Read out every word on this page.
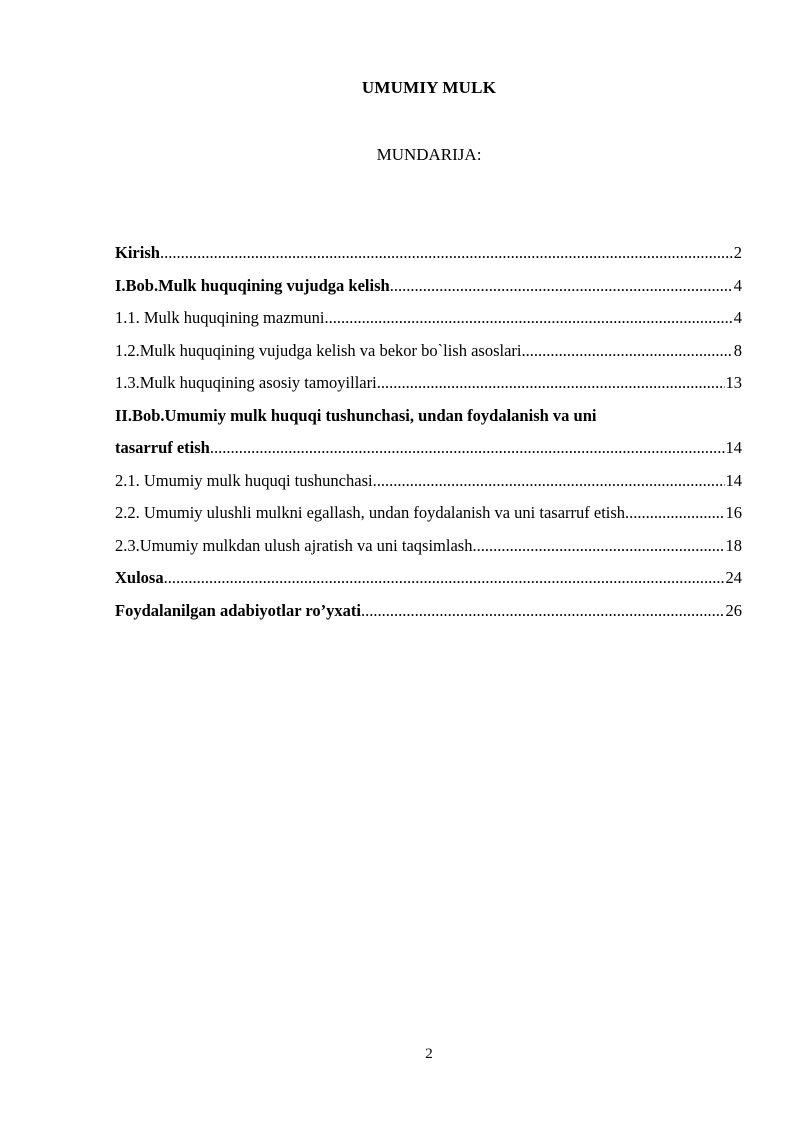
UMUMIY MULK
MUNDARIJA:
Kirish .....	2
I.Bob.Mulk huquqining vujudga kelish .....	4
1.1. Mulk huquqining mazmuni .....	4
1.2.Mulk huquqining vujudga kelish va bekor bo`lish asoslari .....	8
1.3.Mulk huquqining asosiy tamoyillari .....	13
II.Bob.Umumiy mulk huquqi tushunchasi, undan foydalanish va uni
tasarruf etish .....	14
2.1. Umumiy mulk huquqi tushunchasi .....	14
2.2. Umumiy ulushli mulkni egallash, undan foydalanish va uni tasarruf etish .....	16
2.3.Umumiy mulkdan ulush ajratish va uni taqsimlash .....	18
Xulosa .....	24
Foydalanilgan adabiyotlar ro’yxati .....	26
2
